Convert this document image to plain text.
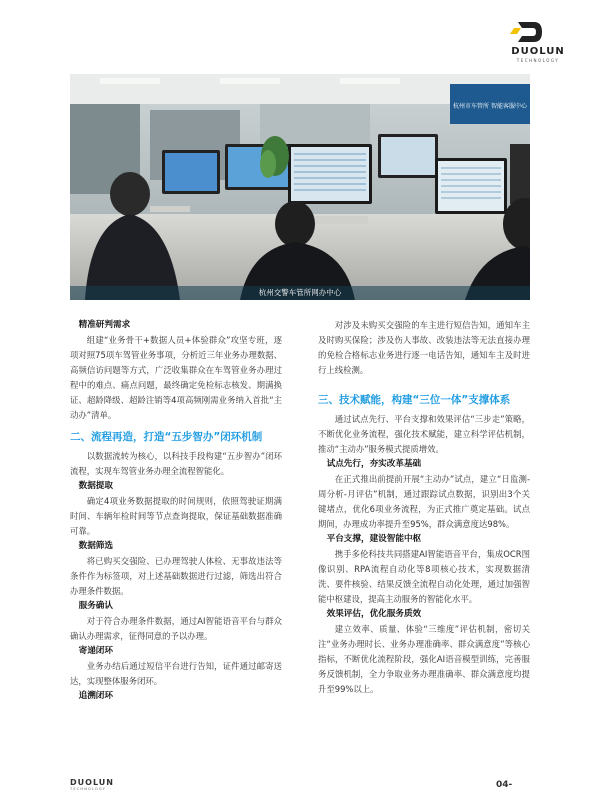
DUOLUN
TECHNOLOGY
杭州市车管所 智能客服中心
杭州交警车管所网办中心
精准研判需求
组建“业务骨干+数据人员+体验群众”攻坚专班，逐项对照75项车驾管业务事项，分析近三年业务办理数据、高频信访问题等方式，广泛收集群众在车驾管业务办理过程中的难点、痛点问题，最终确定免检标志核发、期满换证、超龄降级、超龄注销等4项高频刚需业务纳入首批“主动办”清单。
二、流程再造，打造“五步智办”闭环机制
以数据流转为核心，以科技手段构建“五步智办”闭环流程，实现车驾管业务办理全流程智能化。
数据提取
确定4项业务数据提取的时间规则，依照驾驶证期满时间、车辆年检时间等节点查询提取，保证基础数据准确可靠。
数据筛选
将已购买交强险、已办理驾驶人体检、无事故违法等条件作为标签项，对上述基础数据进行过滤，筛选出符合办理条件数据。
服务确认
对于符合办理条件数据，通过AI智能语音平台与群众确认办理需求，征得同意的予以办理。
寄递闭环
业务办结后通过短信平台进行告知，证件通过邮寄送达，实现整体服务闭环。
追溯闭环
对涉及未购买交强险的车主进行短信告知，通知车主及时购买保险；涉及伤人事故、改装违法等无法直接办理的免检合格标志业务进行逐一电话告知，通知车主及时进行上线检测。
三、技术赋能，构建“三位一体”支撑体系
通过试点先行、平台支撑和效果评估“三步走”策略，不断优化业务流程，强化技术赋能，建立科学评估机制，推动“主动办”服务模式提质增效。
试点先行，夯实改革基础
在正式推出前提前开展“主动办”试点，建立“日监测-周分析-月评估”机制，通过跟踪试点数据，识别出3个关键堵点，优化6项业务流程，为正式推广奠定基础。试点期间，办理成功率提升至95%，群众满意度达98%。
平台支撑，建设智能中枢
携手多伦科技共同搭建AI智能语音平台，集成OCR图像识别、RPA流程自动化等8项核心技术，实现数据清洗、要件核验、结果反馈全流程自动化处理，通过加强智能中枢建设，提高主动服务的智能化水平。
效果评估，优化服务质效
建立效率、质量、体验“三维度”评估机制，密切关注“业务办理时长、业务办理准确率、群众满意度”等核心指标，不断优化流程阶段，强化AI语音模型训练，完善服务反馈机制，全力争取业务办理准确率、群众满意度均提升至99%以上。
DUOLUN
TECHNOLOGY	04-
